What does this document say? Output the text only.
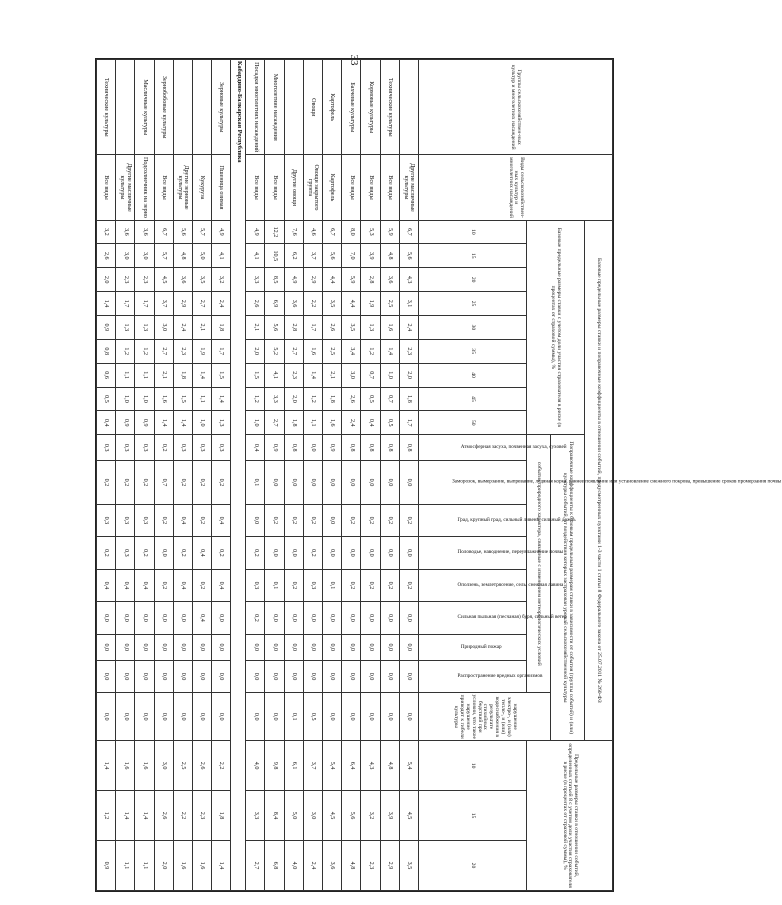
33
Группы сельскохозяйствен-ных культур и многолетних насаждений	Виды сельскохозяйствен-ных культур и многолетних насаждений	Базовые предельные размеры ставки и поправочные коэффициенты в отношении событий, предусмотренных пунктами 1-3 части 1 статьи 8 Федерального закона от 25.07.2011 № 260-ФЗ																		Предельные размеры ставки в отношении событий, определенных статьей 8 с учетом доли участия страхователя в риске (в процентах от страховой суммы), %		
		Базовые предельные размеры ставки с учетом доли участия страхователя в риске (в процентах от страховой суммы), %									Поправочные коэффициенты к базовым предельным размерам ставки в зависимости от события (группы событий) и (или) культуры событий, от воздействия которых застрахован урожай сельскохозяйственной культуры											
											события природного характера, связанные с изменением метеорологических условий								нарушение электро-, и (или) тепло-, и (или) водоснабжения в результате стихийных бедствий при условии, что такое нарушение приводит к гибели культуры			
		10	15	20	25	30	35	40	45	50	Атмосферная засуха, почвенная засуха, суховей	Заморозок, вымерзание, выпревание, ледяная корка, раннее появление или установление снежного покрова, превышение сроков промерзания почвы	Град, крупный град, сильный ливень, сильный дождь	Половодье, наводнение, переувлажнение почвы	Оползень, землетрясение, сель, снежная лавина	Сильная пыльная (песчаная) буря, сильный ветер	Природный пожар	Распространение вредных организмов		10	15	20
	Другие масличные культуры	6,7	5,6	4,3	3,1	2,4	2,3	2,0	1,8	1,7	0,8	0,0	0,2	0,0	0,2	0,0	0,0	0,0	0,0	5,4	4,5	3,5
Технические культуры	Все виды	5,9	4,8	3,6	2,5	1,6	1,4	1,0	0,7	0,5	0,8	0,0	0,2	0,0	0,2	0,0	0,0	0,0	0,0	4,8	3,9	2,9
Кормовые культуры	Все виды	5,3	3,9	2,8	1,9	1,3	1,2	0,7	0,5	0,4	0,8	0,0	0,2	0,0	0,2	0,0	0,0	0,0	0,0	4,3	3,2	2,3
Бахчевые культуры	Все виды	8,0	7,0	5,9	4,4	3,5	3,4	3,0	2,6	2,4	0,8	0,0	0,2	0,0	0,2	0,0	0,0	0,0	0,0	6,4	5,6	4,8
Картофель	Картофель	6,7	5,6	4,4	3,5	2,6	2,5	2,1	1,8	1,6	0,9	0,0	0,0	0,0	0,1	0,0	0,0	0,0	0,0	5,4	4,5	3,6
Овощи	Овощи закрытого грунта	4,6	3,7	2,9	2,2	1,7	1,6	1,4	1,2	1,1	0,0	0,0	0,2	0,2	0,3	0,0	0,0	0,0	0,5	3,7	3,0	2,4
	Другие овощи	7,6	6,2	4,9	3,6	2,8	2,7	2,3	2,0	1,8	0,8	0,0	0,2	0,0	0,2	0,0	0,0	0,0	0,1	6,1	5,0	4,0
Многолетние насаждения	Все виды	12,2	10,5	8,5	6,9	5,6	5,2	4,1	3,3	2,7	0,9	0,0	0,2	0,0	0,1	0,0	0,0	0,0	0,0	9,8	8,4	6,8
Посадки многолетних насаждений	Все виды	4,9	4,1	3,3	2,6	2,1	2,0	1,5	1,2	1,0	0,4	0,1	0,0	0,2	0,3	0,2	0,0	0,0	0,0	4,0	3,3	2,7
Кабардино-Балкарская Республика																						
Зерновые культуры	Пшеница озимая	4,9	4,1	3,2	2,4	1,8	1,7	1,5	1,4	1,3	0,3	0,2	0,4	0,2	0,4	0,0	0,0	0,0	0,0	2,2	1,8	1,4
	Кукуруза	5,7	5,0	3,5	2,7	2,1	1,9	1,4	1,1	1,0	0,3	0,2	0,2	0,4	0,2	0,4	0,0	0,0	0,0	2,6	2,3	1,6
	Другие зерновые культуры	5,6	4,8	3,6	2,9	2,4	2,3	1,8	1,5	1,4	0,3	0,2	0,4	0,2	0,4	0,0	0,0	0,0	0,0	2,5	2,2	1,6
Зернобобовые культуры	Все виды	6,7	5,7	4,5	3,7	3,0	2,7	2,1	1,6	1,4	0,2	0,7	0,2	0,0	0,2	0,0	0,0	0,0	0,0	3,0	2,6	2,0
Масличные культуры	Подсолнечник на зерно	3,6	3,0	2,3	1,7	1,3	1,2	1,1	1,0	0,9	0,3	0,2	0,3	0,2	0,4	0,0	0,0	0,0	0,0	1,6	1,4	1,1
	Другие масличные культуры	3,6	3,0	2,3	1,7	1,3	1,2	1,1	1,0	0,9	0,3	0,2	0,3	0,3	0,4	0,0	0,0	0,0	0,0	1,6	1,4	1,1
Технические культуры	Все виды	3,2	2,6	2,0	1,4	0,9	0,8	0,6	0,5	0,4	0,3	0,2	0,3	0,2	0,4	0,0	0,0	0,0	0,0	1,4	1,2	0,9
